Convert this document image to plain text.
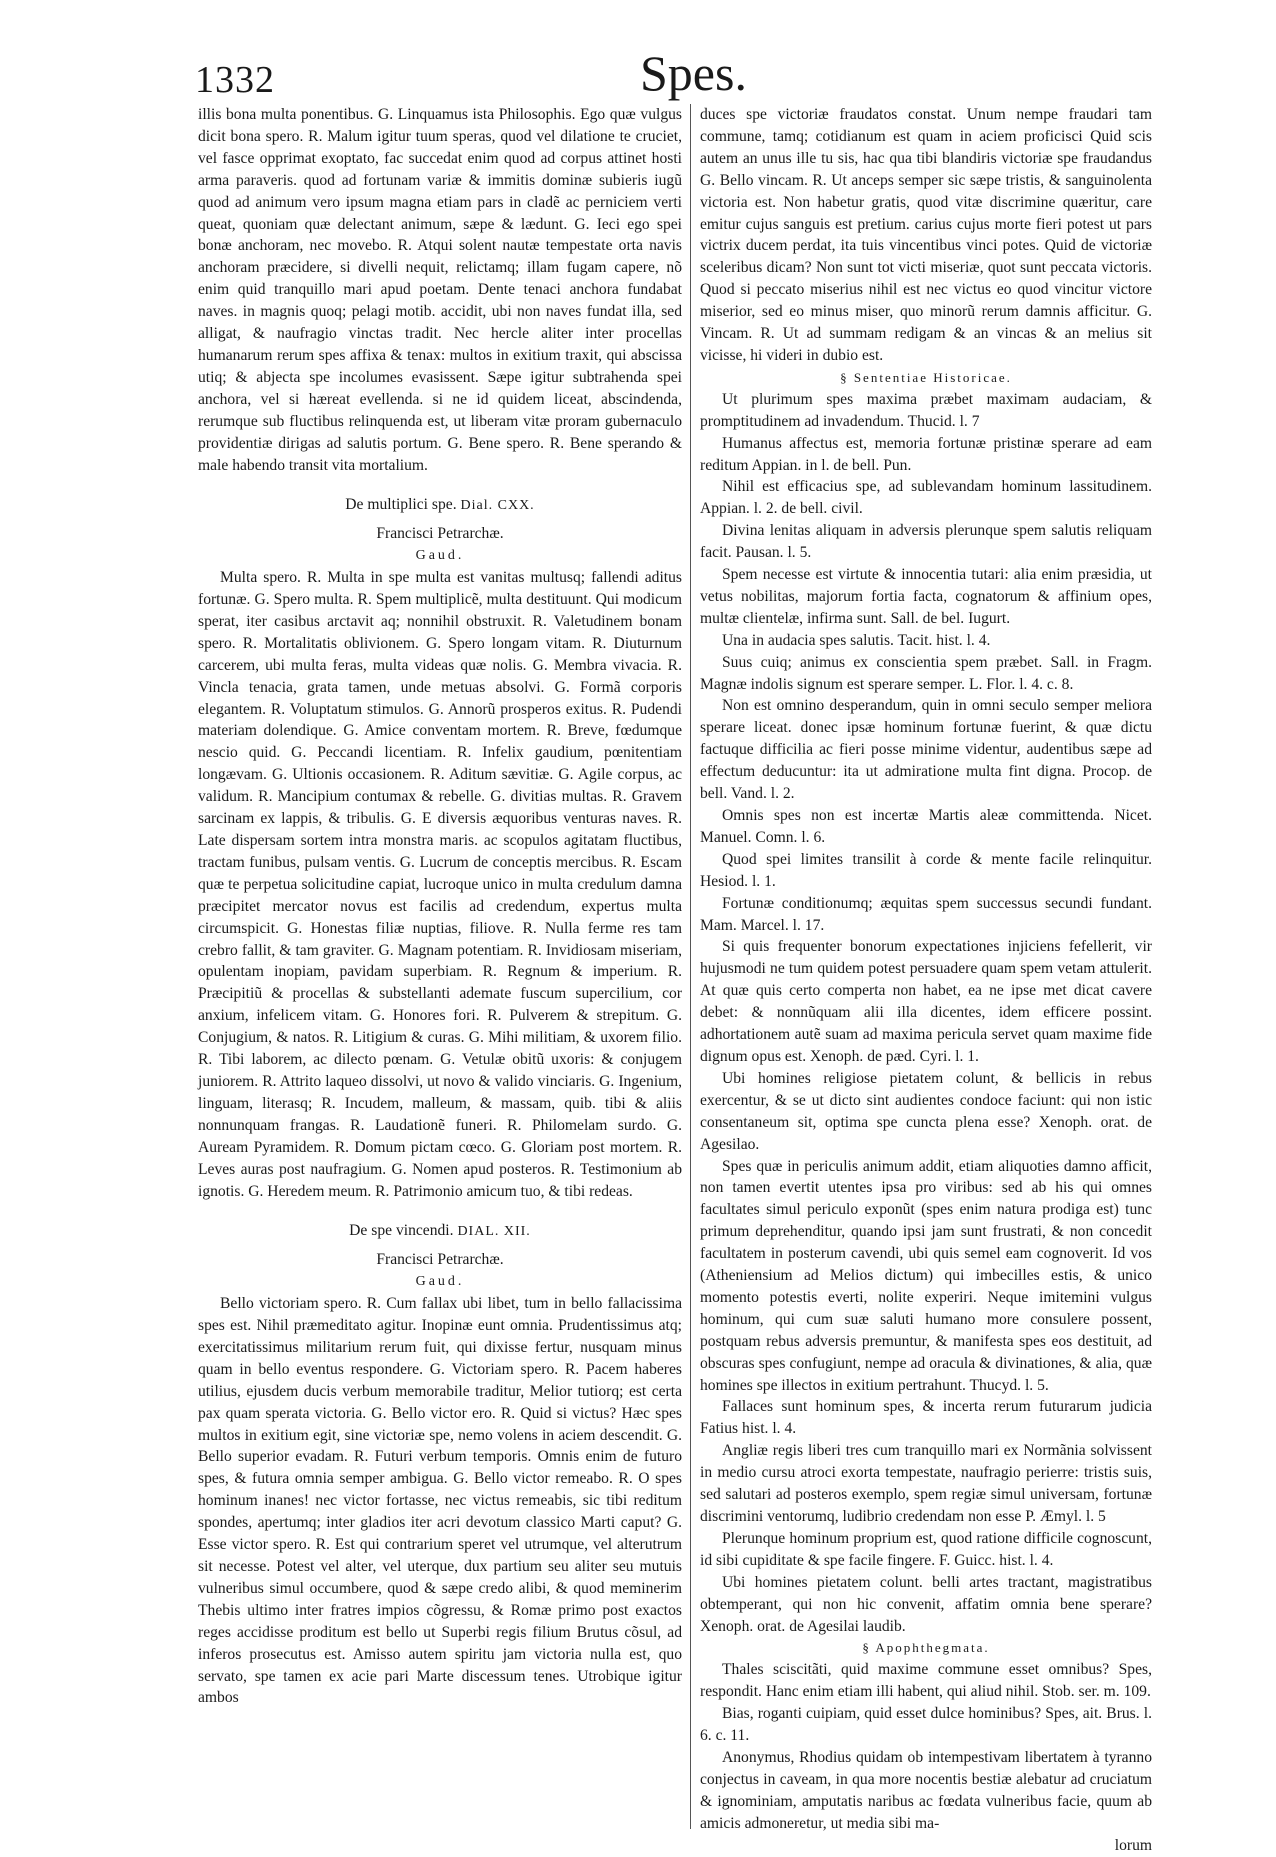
1332	Spes.

illis bona multa ponentibus. G. Linquamus ista Philosophis. Ego quæ vulgus dicit bona spero. R. Malum igitur tuum speras, quod vel dilatione te cruciet, vel fasce opprimat exoptato, fac succedat enim quod ad corpus attinet hosti arma paraveris. quod ad fortunam variæ & immitis dominæ subieris iugũ quod ad animum vero ipsum magna etiam pars in cladẽ ac perniciem verti queat, quoniam quæ delectant animum, sæpe & lædunt. G. Ieci ego spei bonæ anchoram, nec movebo. R. Atqui solent nautæ tempestate orta navis anchoram præcidere, si divelli nequit, relictamq; illam fugam capere, nõ enim quid tranquillo mari apud poetam. Dente tenaci anchora fundabat naves. in magnis quoq; pelagi motib. accidit, ubi non naves fundat illa, sed alligat, & naufragio vinctas tradit. Nec hercle aliter inter procellas humanarum rerum spes affixa & tenax: multos in exitium traxit, qui abscissa utiq; & abjecta spe incolumes evasissent. Sæpe igitur subtrahenda spei anchora, vel si hæreat evellenda. si ne id quidem liceat, abscindenda, rerumque sub fluctibus relinquenda est, ut liberam vitæ proram gubernaculo providentiæ dirigas ad salutis portum. G. Bene spero. R. Bene sperando & male habendo transit vita mortalium.

De multiplici spe. Dial. CXX.

Francisci Petrarchæ.

Gaud.

Multa spero. R. Multa in spe multa est vanitas multusq; fallendi aditus fortunæ. G. Spero multa. R. Spem multiplicẽ, multa destituunt. Qui modicum sperat, iter casibus arctavit aq; nonnihil obstruxit. R. Valetudinem bonam spero. R. Mortalitatis oblivionem. G. Spero longam vitam. R. Diuturnum carcerem, ubi multa feras, multa videas quæ nolis. G. Membra vivacia. R. Vincla tenacia, grata tamen, unde metuas absolvi. G. Formã corporis elegantem. R. Voluptatum stimulos. G. Annorũ prosperos exitus. R. Pudendi materiam dolendique. G. Amice conventam mortem. R. Breve, fœdumque nescio quid. G. Peccandi licentiam. R. Infelix gaudium, pœnitentiam longævam. G. Ultionis occasionem. R. Aditum sævitiæ. G. Agile corpus, ac validum. R. Mancipium contumax & rebelle. G. divitias multas. R. Gravem sarcinam ex lappis, & tribulis. G. E diversis æquoribus venturas naves. R. Late dispersam sortem intra monstra maris. ac scopulos agitatam fluctibus, tractam funibus, pulsam ventis. G. Lucrum de conceptis mercibus. R. Escam quæ te perpetua solicitudine capiat, lucroque unico in multa credulum damna præcipitet mercator novus est facilis ad credendum, expertus multa circumspicit. G. Honestas filiæ nuptias, filiove. R. Nulla ferme res tam crebro fallit, & tam graviter. G. Magnam potentiam. R. Invidiosam miseriam, opulentam inopiam, pavidam superbiam. R. Regnum & imperium. R. Præcipitiũ & procellas & substellanti ademate fuscum supercilium, cor anxium, infelicem vitam. G. Honores fori. R. Pulverem & strepitum. G. Conjugium, & natos. R. Litigium & curas. G. Mihi militiam, & uxorem filio. R. Tibi laborem, ac dilecto pœnam. G. Vetulæ obitũ uxoris: & conjugem juniorem. R. Attrito laqueo dissolvi, ut novo & valido vinciaris. G. Ingenium, linguam, literasq; R. Incudem, malleum, & massam, quib. tibi & aliis nonnunquam frangas. R. Laudationẽ funeri. R. Philomelam surdo. G. Auream Pyramidem. R. Domum pictam cœco. G. Gloriam post mortem. R. Leves auras post naufragium. G. Nomen apud posteros. R. Testimonium ab ignotis. G. Heredem meum. R. Patrimonio amicum tuo, & tibi redeas.

De spe vincendi. DIAL. XII.

Francisci Petrarchæ.

Gaud.

Bello victoriam spero. R. Cum fallax ubi libet, tum in bello fallacissima spes est. Nihil præmeditato agitur. Inopinæ eunt omnia. Prudentissimus atq; exercitatissimus militarium rerum fuit, qui dixisse fertur, nusquam minus quam in bello eventus respondere. G. Victoriam spero. R. Pacem haberes utilius, ejusdem ducis verbum memorabile traditur, Melior tutiorq; est certa pax quam sperata victoria. G. Bello victor ero. R. Quid si victus? Hæc spes multos in exitium egit, sine victoriæ spe, nemo volens in aciem descendit. G. Bello superior evadam. R. Futuri verbum temporis. Omnis enim de futuro spes, & futura omnia semper ambigua. G. Bello victor remeabo. R. O spes hominum inanes! nec victor fortasse, nec victus remeabis, sic tibi reditum spondes, apertumq; inter gladios iter acri devotum classico Marti caput? G. Esse victor spero. R. Est qui contrarium speret vel utrumque, vel alterutrum sit necesse. Potest vel alter, vel uterque, dux partium seu aliter seu mutuis vulneribus simul occumbere, quod & sæpe credo alibi, & quod meminerim Thebis ultimo inter fratres impios cõgressu, & Romæ primo post exactos reges accidisse proditum est bello ut Superbi regis filium Brutus cõsul, ad inferos prosecutus est. Amisso autem spiritu jam victoria nulla est, quo servato, spe tamen ex acie pari Marte discessum tenes. Utrobique igitur ambos

duces spe victoriæ fraudatos constat. Unum nempe fraudari tam commune, tamq; cotidianum est quam in aciem proficisci Quid scis autem an unus ille tu sis, hac qua tibi blandiris victoriæ spe fraudandus G. Bello vincam. R. Ut anceps semper sic sæpe tristis, & sanguinolenta victoria est. Non habetur gratis, quod vitæ discrimine quæritur, care emitur cujus sanguis est pretium. carius cujus morte fieri potest ut pars victrix ducem perdat, ita tuis vincentibus vinci potes. Quid de victoriæ sceleribus dicam? Non sunt tot victi miseriæ, quot sunt peccata victoris. Quod si peccato miserius nihil est nec victus eo quod vincitur victore miserior, sed eo minus miser, quo minorũ rerum damnis afficitur. G. Vincam. R. Ut ad summam redigam & an vincas & an melius sit vicisse, hi videri in dubio est.

§ Sententiae Historicae.

Ut plurimum spes maxima præbet maximam audaciam, & promptitudinem ad invadendum. Thucid. l. 7

Humanus affectus est, memoria fortunæ pristinæ sperare ad eam reditum Appian. in l. de bell. Pun.

Nihil est efficacius spe, ad sublevandam hominum lassitudinem. Appian. l. 2. de bell. civil.

Divina lenitas aliquam in adversis plerunque spem salutis reliquam facit. Pausan. l. 5.

Spem necesse est virtute & innocentia tutari: alia enim præsidia, ut vetus nobilitas, majorum fortia facta, cognatorum & affinium opes, multæ clientelæ, infirma sunt. Sall. de bel. Iugurt.

Una in audacia spes salutis. Tacit. hist. l. 4.

Suus cuiq; animus ex conscientia spem præbet. Sall. in Fragm. Magnæ indolis signum est sperare semper. L. Flor. l. 4. c. 8.

Non est omnino desperandum, quin in omni seculo semper meliora sperare liceat. donec ipsæ hominum fortunæ fuerint, & quæ dictu factuque difficilia ac fieri posse minime videntur, audentibus sæpe ad effectum deducuntur: ita ut admiratione multa fint digna. Procop. de bell. Vand. l. 2.

Omnis spes non est incertæ Martis aleæ committenda. Nicet. Manuel. Comn. l. 6.

Quod spei limites transilit à corde & mente facile relinquitur. Hesiod. l. 1.

Fortunæ conditionumq; æquitas spem successus secundi fundant. Mam. Marcel. l. 17.

Si quis frequenter bonorum expectationes injiciens fefellerit, vir hujusmodi ne tum quidem potest persuadere quam spem vetam attulerit. At quæ quis certo comperta non habet, ea ne ipse met dicat cavere debet: & nonnũquam alii illa dicentes, idem efficere possint. adhortationem autẽ suam ad maxima pericula servet quam maxime fide dignum opus est. Xenoph. de pæd. Cyri. l. 1.

Ubi homines religiose pietatem colunt, & bellicis in rebus exercentur, & se ut dicto sint audientes condoce faciunt: qui non istic consentaneum sit, optima spe cuncta plena esse? Xenoph. orat. de Agesilao.

Spes quæ in periculis animum addit, etiam aliquoties damno afficit, non tamen evertit utentes ipsa pro viribus: sed ab his qui omnes facultates simul periculo exponũt (spes enim natura prodiga est) tunc primum deprehenditur, quando ipsi jam sunt frustrati, & non concedit facultatem in posterum cavendi, ubi quis semel eam cognoverit. Id vos (Atheniensium ad Melios dictum) qui imbecilles estis, & unico momento potestis everti, nolite experiri. Neque imitemini vulgus hominum, qui cum suæ saluti humano more consulere possent, postquam rebus adversis premuntur, & manifesta spes eos destituit, ad obscuras spes confugiunt, nempe ad oracula & divinationes, & alia, quæ homines spe illectos in exitium pertrahunt. Thucyd. l. 5.

Fallaces sunt hominum spes, & incerta rerum futurarum judicia Fatius hist. l. 4.

Angliæ regis liberi tres cum tranquillo mari ex Normãnia solvissent in medio cursu atroci exorta tempestate, naufragio perierre: tristis suis, sed salutari ad posteros exemplo, spem regiæ simul universam, fortunæ discrimini ventorumq, ludibrio credendam non esse P. Æmyl. l. 5

Plerunque hominum proprium est, quod ratione difficile cognoscunt, id sibi cupiditate & spe facile fingere. F. Guicc. hist. l. 4.

Ubi homines pietatem colunt. belli artes tractant, magistratibus obtemperant, qui non hic convenit, affatim omnia bene sperare? Xenoph. orat. de Agesilai laudib.

§ Apophthegmata.

Thales sciscitãti, quid maxime commune esset omnibus? Spes, respondit. Hanc enim etiam illi habent, qui aliud nihil. Stob. ser. m. 109.

Bias, roganti cuipiam, quid esset dulce hominibus? Spes, ait. Brus. l. 6. c. 11.

Anonymus, Rhodius quidam ob intempestivam libertatem à tyranno conjectus in caveam, in qua more nocentis bestiæ alebatur ad cruciatum & ignominiam, amputatis naribus ac fœdata vulneribus facie, quum ab amicis admoneretur, ut media sibi ma-

lorum
